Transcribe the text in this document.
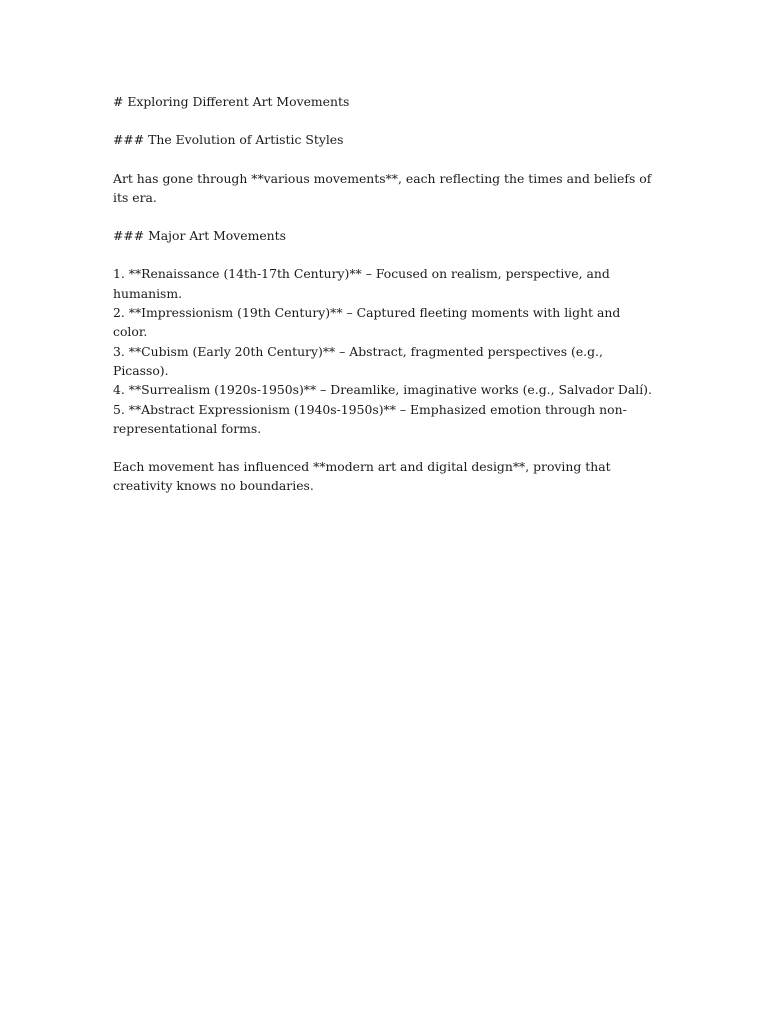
# Exploring Different Art Movements

### The Evolution of Artistic Styles

Art has gone through **various movements**, each reflecting the times and beliefs of its era.

### Major Art Movements

1. **Renaissance (14th-17th Century)** – Focused on realism, perspective, and humanism.
2. **Impressionism (19th Century)** – Captured fleeting moments with light and color.
3. **Cubism (Early 20th Century)** – Abstract, fragmented perspectives (e.g., Picasso).
4. **Surrealism (1920s-1950s)** – Dreamlike, imaginative works (e.g., Salvador Dalí).
5. **Abstract Expressionism (1940s-1950s)** – Emphasized emotion through non-representational forms.

Each movement has influenced **modern art and digital design**, proving that creativity knows no boundaries.
